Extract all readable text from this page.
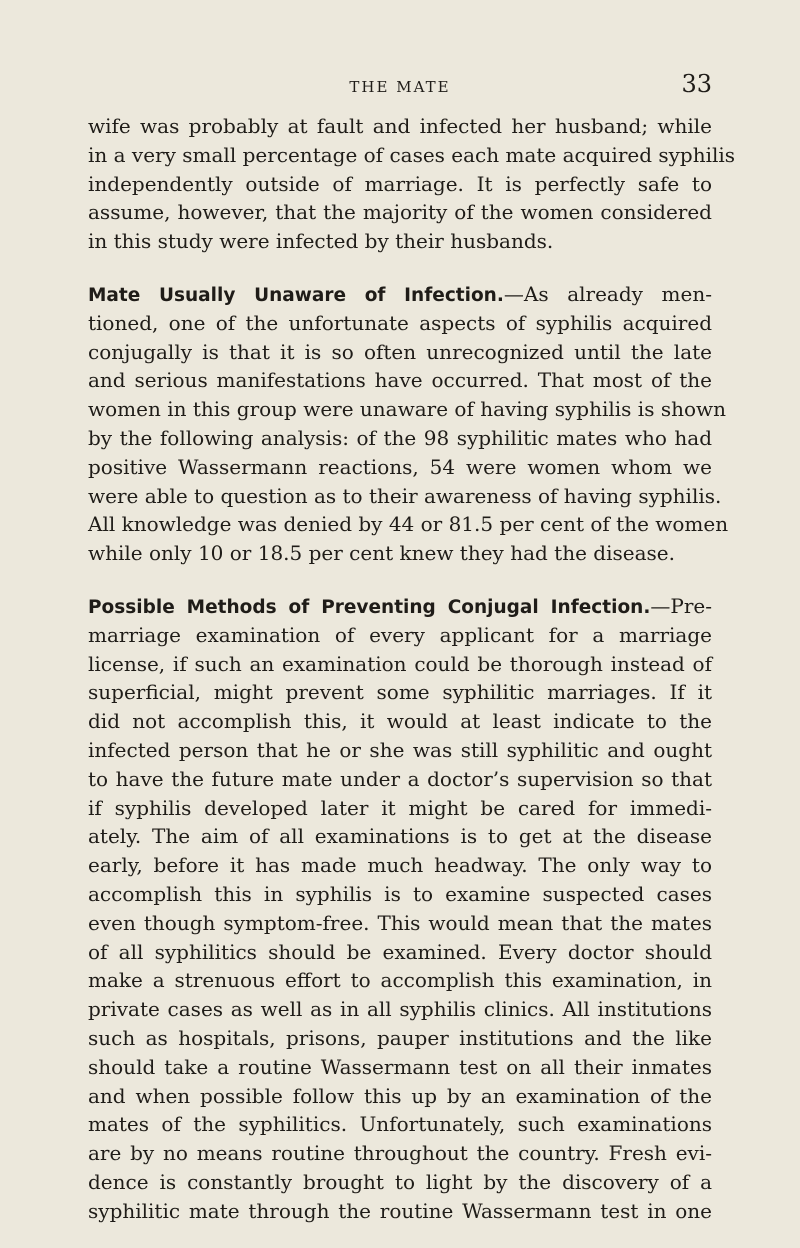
THE MATE	33
wife was probably at fault and infected her husband; while
in a very small percentage of cases each mate acquired syphilis
independently outside of marriage. It is perfectly safe to
assume, however, that the majority of the women considered
in this study were infected by their husbands.
Mate Usually Unaware of Infection.—As already men-
tioned, one of the unfortunate aspects of syphilis acquired
conjugally is that it is so often unrecognized until the late
and serious manifestations have occurred. That most of the
women in this group were unaware of having syphilis is shown
by the following analysis: of the 98 syphilitic mates who had
positive Wassermann reactions, 54 were women whom we
were able to question as to their awareness of having syphilis.
All knowledge was denied by 44 or 81.5 per cent of the women
while only 10 or 18.5 per cent knew they had the disease.
Possible Methods of Preventing Conjugal Infection.—Pre-
marriage examination of every applicant for a marriage
license, if such an examination could be thorough instead of
superficial, might prevent some syphilitic marriages. If it
did not accomplish this, it would at least indicate to the
infected person that he or she was still syphilitic and ought
to have the future mate under a doctor’s supervision so that
if syphilis developed later it might be cared for immedi-
ately. The aim of all examinations is to get at the disease
early, before it has made much headway. The only way to
accomplish this in syphilis is to examine suspected cases
even though symptom-free. This would mean that the mates
of all syphilitics should be examined. Every doctor should
make a strenuous effort to accomplish this examination, in
private cases as well as in all syphilis clinics. All institutions
such as hospitals, prisons, pauper institutions and the like
should take a routine Wassermann test on all their inmates
and when possible follow this up by an examination of the
mates of the syphilitics. Unfortunately, such examinations
are by no means routine throughout the country. Fresh evi-
dence is constantly brought to light by the discovery of a
syphilitic mate through the routine Wassermann test in one
